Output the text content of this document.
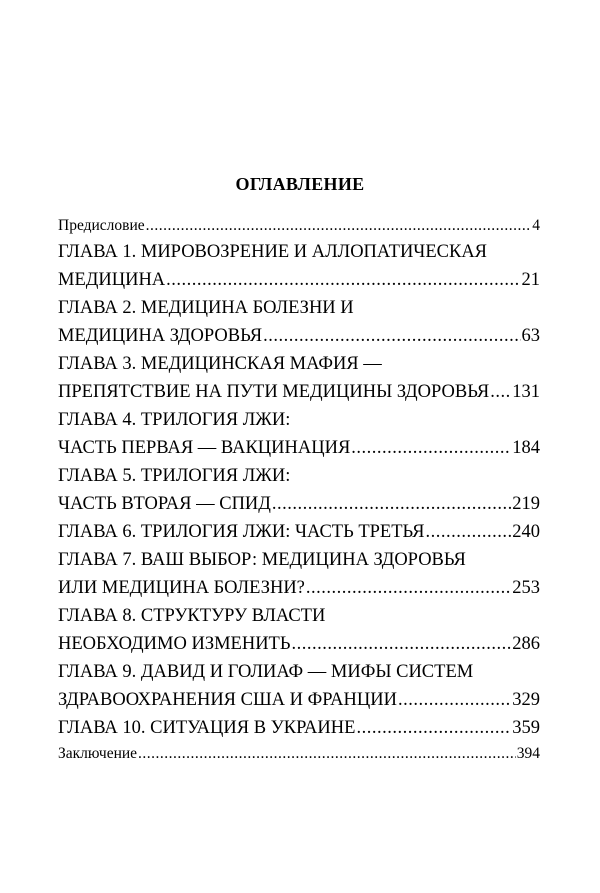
ОГЛАВЛЕНИЕ
Предисловие .....	4
ГЛАВА 1. МИРОВОЗРЕНИЕ И АЛЛОПАТИЧЕСКАЯ
МЕДИЦИНА .....	21
ГЛАВА 2. МЕДИЦИНА БОЛЕЗНИ И
МЕДИЦИНА ЗДОРОВЬЯ .....	63
ГЛАВА 3. МЕДИЦИНСКАЯ МАФИЯ —
ПРЕПЯТСТВИЕ НА ПУТИ МЕДИЦИНЫ ЗДОРОВЬЯ ..... 131
ГЛАВА 4. ТРИЛОГИЯ ЛЖИ:
ЧАСТЬ ПЕРВАЯ — ВАКЦИНАЦИЯ .....	184
ГЛАВА 5. ТРИЛОГИЯ ЛЖИ:
ЧАСТЬ ВТОРАЯ — СПИД .....	219
ГЛАВА 6. ТРИЛОГИЯ ЛЖИ: ЧАСТЬ ТРЕТЬЯ .....	240
ГЛАВА 7. ВАШ ВЫБОР: МЕДИЦИНА ЗДОРОВЬЯ
ИЛИ МЕДИЦИНА БОЛЕЗНИ? .....	253
ГЛАВА 8. СТРУКТУРУ ВЛАСТИ
НЕОБХОДИМО ИЗМЕНИТЬ .....	286
ГЛАВА 9. ДАВИД И ГОЛИАФ — МИФЫ СИСТЕМ
ЗДРАВООХРАНЕНИЯ США И ФРАНЦИИ .....	329
ГЛАВА 10. СИТУАЦИЯ В УКРАИНЕ .....	359
Заключение .....	394
